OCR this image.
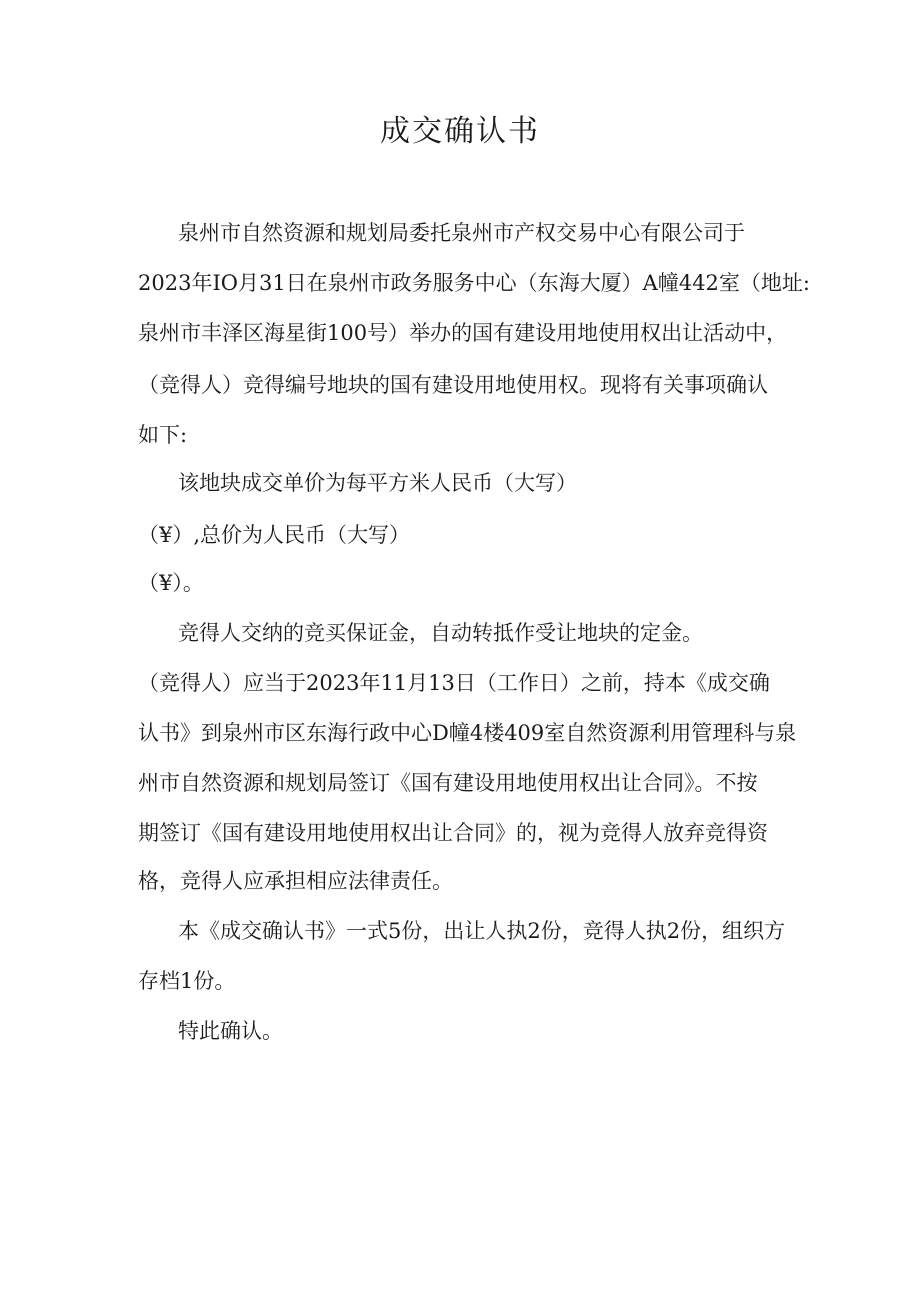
成交确认书

泉州市自然资源和规划局委托泉州市产权交易中心有限公司于

2023年IO月31日在泉州市政务服务中心（东海大厦）A幢442室（地址:

泉州市丰泽区海星街100号）举办的国有建设用地使用权出让活动中，

（竞得人）竞得编号地块的国有建设用地使用权。现将有关事项确认

如下:

该地块成交单价为每平方米人民币（大写）

（¥）,总价为人民币（大写）

（¥）。

竞得人交纳的竞买保证金，自动转抵作受让地块的定金。

（竞得人）应当于2023年11月13日（工作日）之前，持本《成交确

认书》到泉州市区东海行政中心D幢4楼409室自然资源利用管理科与泉

州市自然资源和规划局签订《国有建设用地使用权出让合同》。不按

期签订《国有建设用地使用权出让合同》的，视为竞得人放弃竞得资

格，竞得人应承担相应法律责任。

本《成交确认书》一式5份，出让人执2份，竞得人执2份，组织方

存档1份。

特此确认。
